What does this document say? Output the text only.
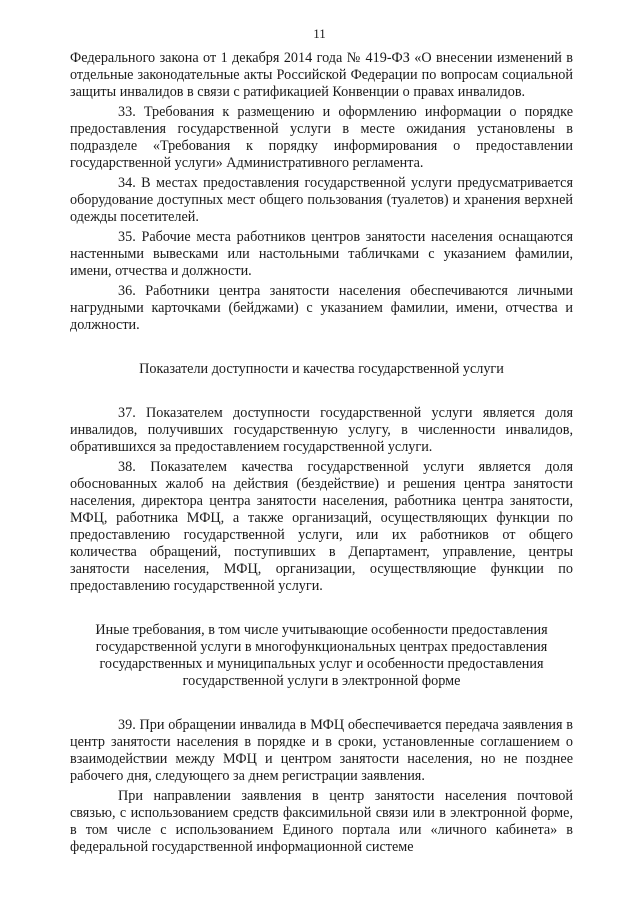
11

Федерального закона от 1 декабря 2014 года № 419-ФЗ «О внесении изменений в отдельные законодательные акты Российской Федерации по вопросам социальной защиты инвалидов в связи с ратификацией Конвенции о правах инвалидов.

33. Требования к размещению и оформлению информации о порядке предоставления государственной услуги в месте ожидания установлены в подразделе «Требования к порядку информирования о предоставлении государственной услуги» Административного регламента.

34. В местах предоставления государственной услуги предусматривается оборудование доступных мест общего пользования (туалетов) и хранения верхней одежды посетителей.

35. Рабочие места работников центров занятости населения оснащаются настенными вывесками или настольными табличками с указанием фамилии, имени, отчества и должности.

36. Работники центра занятости населения обеспечиваются личными нагрудными карточками (бейджами) с указанием фамилии, имени, отчества и должности.

Показатели доступности и качества государственной услуги

37. Показателем доступности государственной услуги является доля инвалидов, получивших государственную услугу, в численности инвалидов, обратившихся за предоставлением государственной услуги.

38. Показателем качества государственной услуги является доля обоснованных жалоб на действия (бездействие) и решения центра занятости населения, директора центра занятости населения, работника центра занятости, МФЦ, работника МФЦ, а также организаций, осуществляющих функции по предоставлению государственной услуги, или их работников от общего количества обращений, поступивших в Департамент, управление, центры занятости населения, МФЦ, организации, осуществляющие функции по предоставлению государственной услуги.

Иные требования, в том числе учитывающие особенности предоставления государственной услуги в многофункциональных центрах предоставления государственных и муниципальных услуг и особенности предоставления государственной услуги в электронной форме

39. При обращении инвалида в МФЦ обеспечивается передача заявления в центр занятости населения в порядке и в сроки, установленные соглашением о взаимодействии между МФЦ и центром занятости населения, но не позднее рабочего дня, следующего за днем регистрации заявления.

При направлении заявления в центр занятости населения почтовой связью, с использованием средств факсимильной связи или в электронной форме, в том числе с использованием Единого портала или «личного кабинета» в федеральной государственной информационной системе
